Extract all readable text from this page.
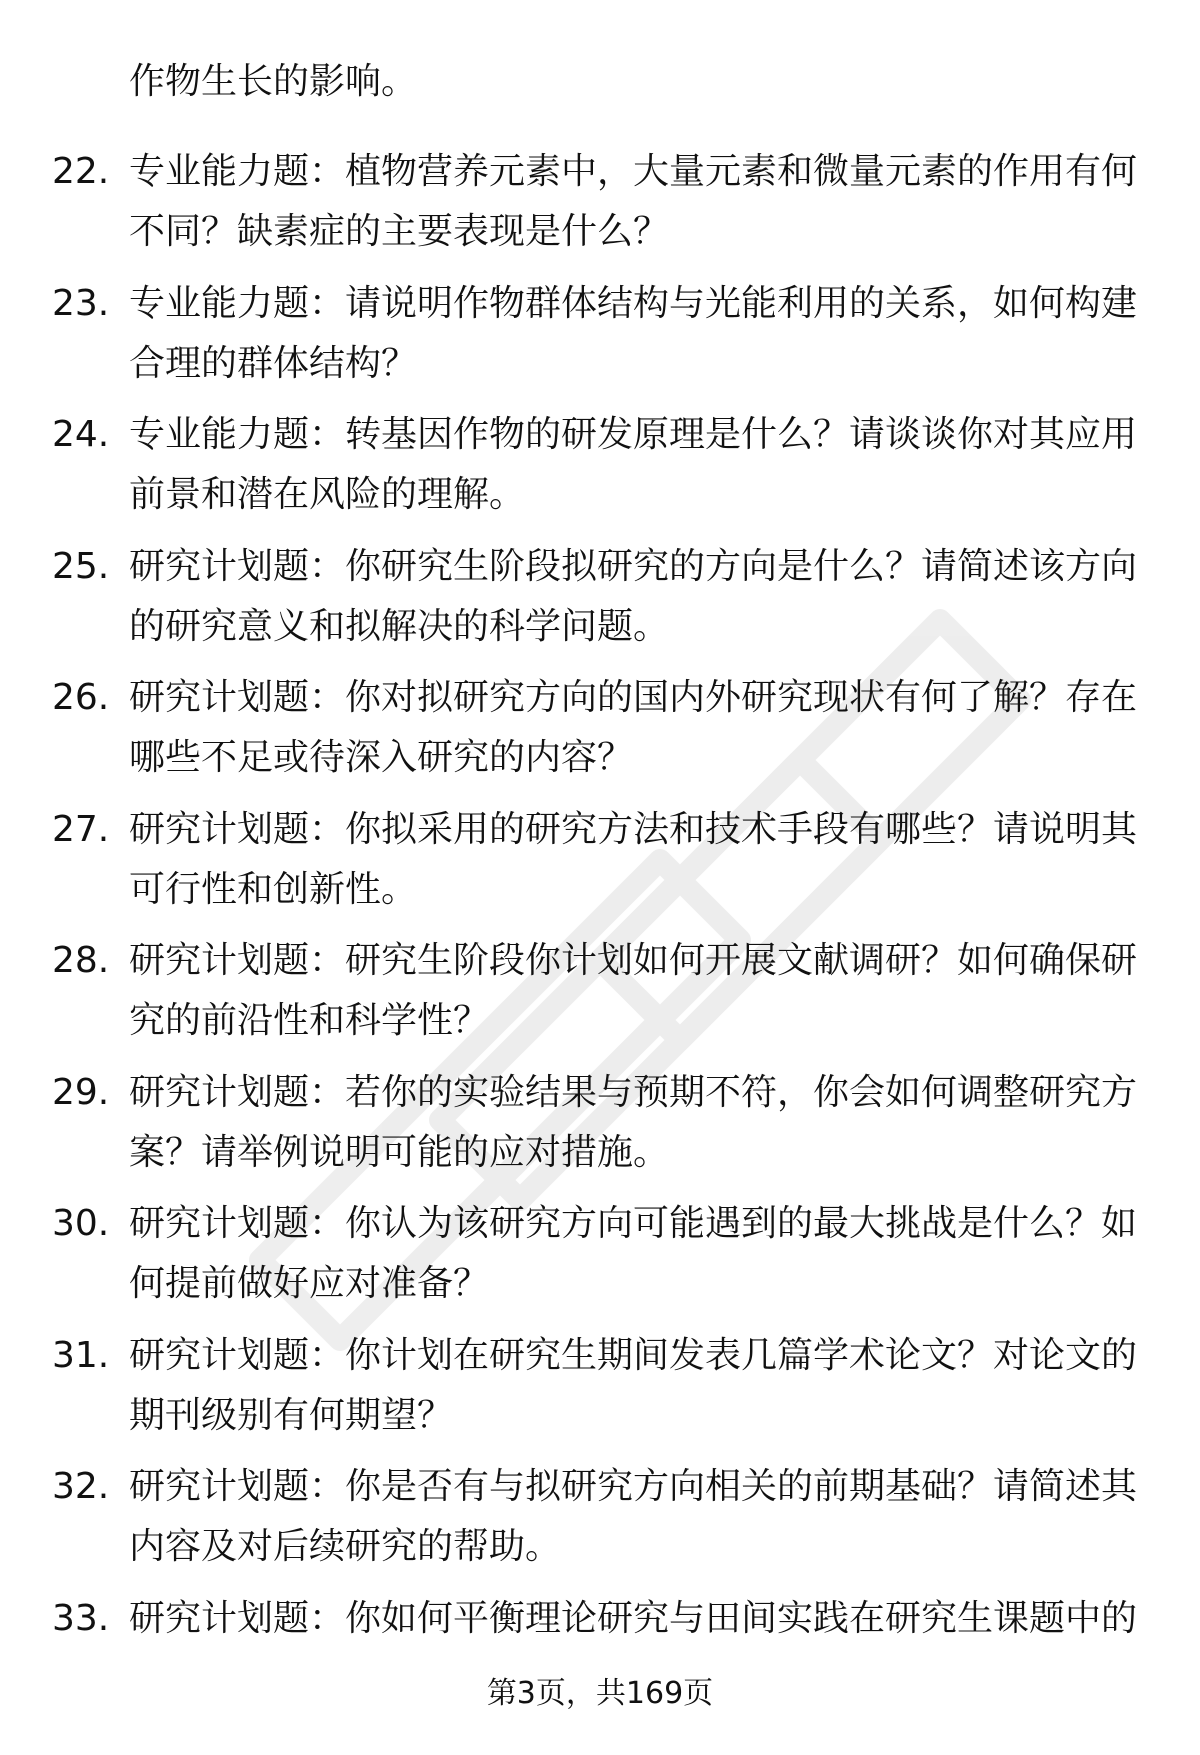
作物生长的影响。

22. 专业能力题：植物营养元素中，大量元素和微量元素的作用有何
不同？缺素症的主要表现是什么？

23. 专业能力题：请说明作物群体结构与光能利用的关系，如何构建
合理的群体结构？

24. 专业能力题：转基因作物的研发原理是什么？请谈谈你对其应用
前景和潜在风险的理解。

25. 研究计划题：你研究生阶段拟研究的方向是什么？请简述该方向
的研究意义和拟解决的科学问题。

26. 研究计划题：你对拟研究方向的国内外研究现状有何了解？存在
哪些不足或待深入研究的内容？

27. 研究计划题：你拟采用的研究方法和技术手段有哪些？请说明其
可行性和创新性。

28. 研究计划题：研究生阶段你计划如何开展文献调研？如何确保研
究的前沿性和科学性？

29. 研究计划题：若你的实验结果与预期不符，你会如何调整研究方
案？请举例说明可能的应对措施。

30. 研究计划题：你认为该研究方向可能遇到的最大挑战是什么？如
何提前做好应对准备？

31. 研究计划题：你计划在研究生期间发表几篇学术论文？对论文的
期刊级别有何期望？

32. 研究计划题：你是否有与拟研究方向相关的前期基础？请简述其
内容及对后续研究的帮助。

33. 研究计划题：你如何平衡理论研究与田间实践在研究生课题中的

第3页，共169页
